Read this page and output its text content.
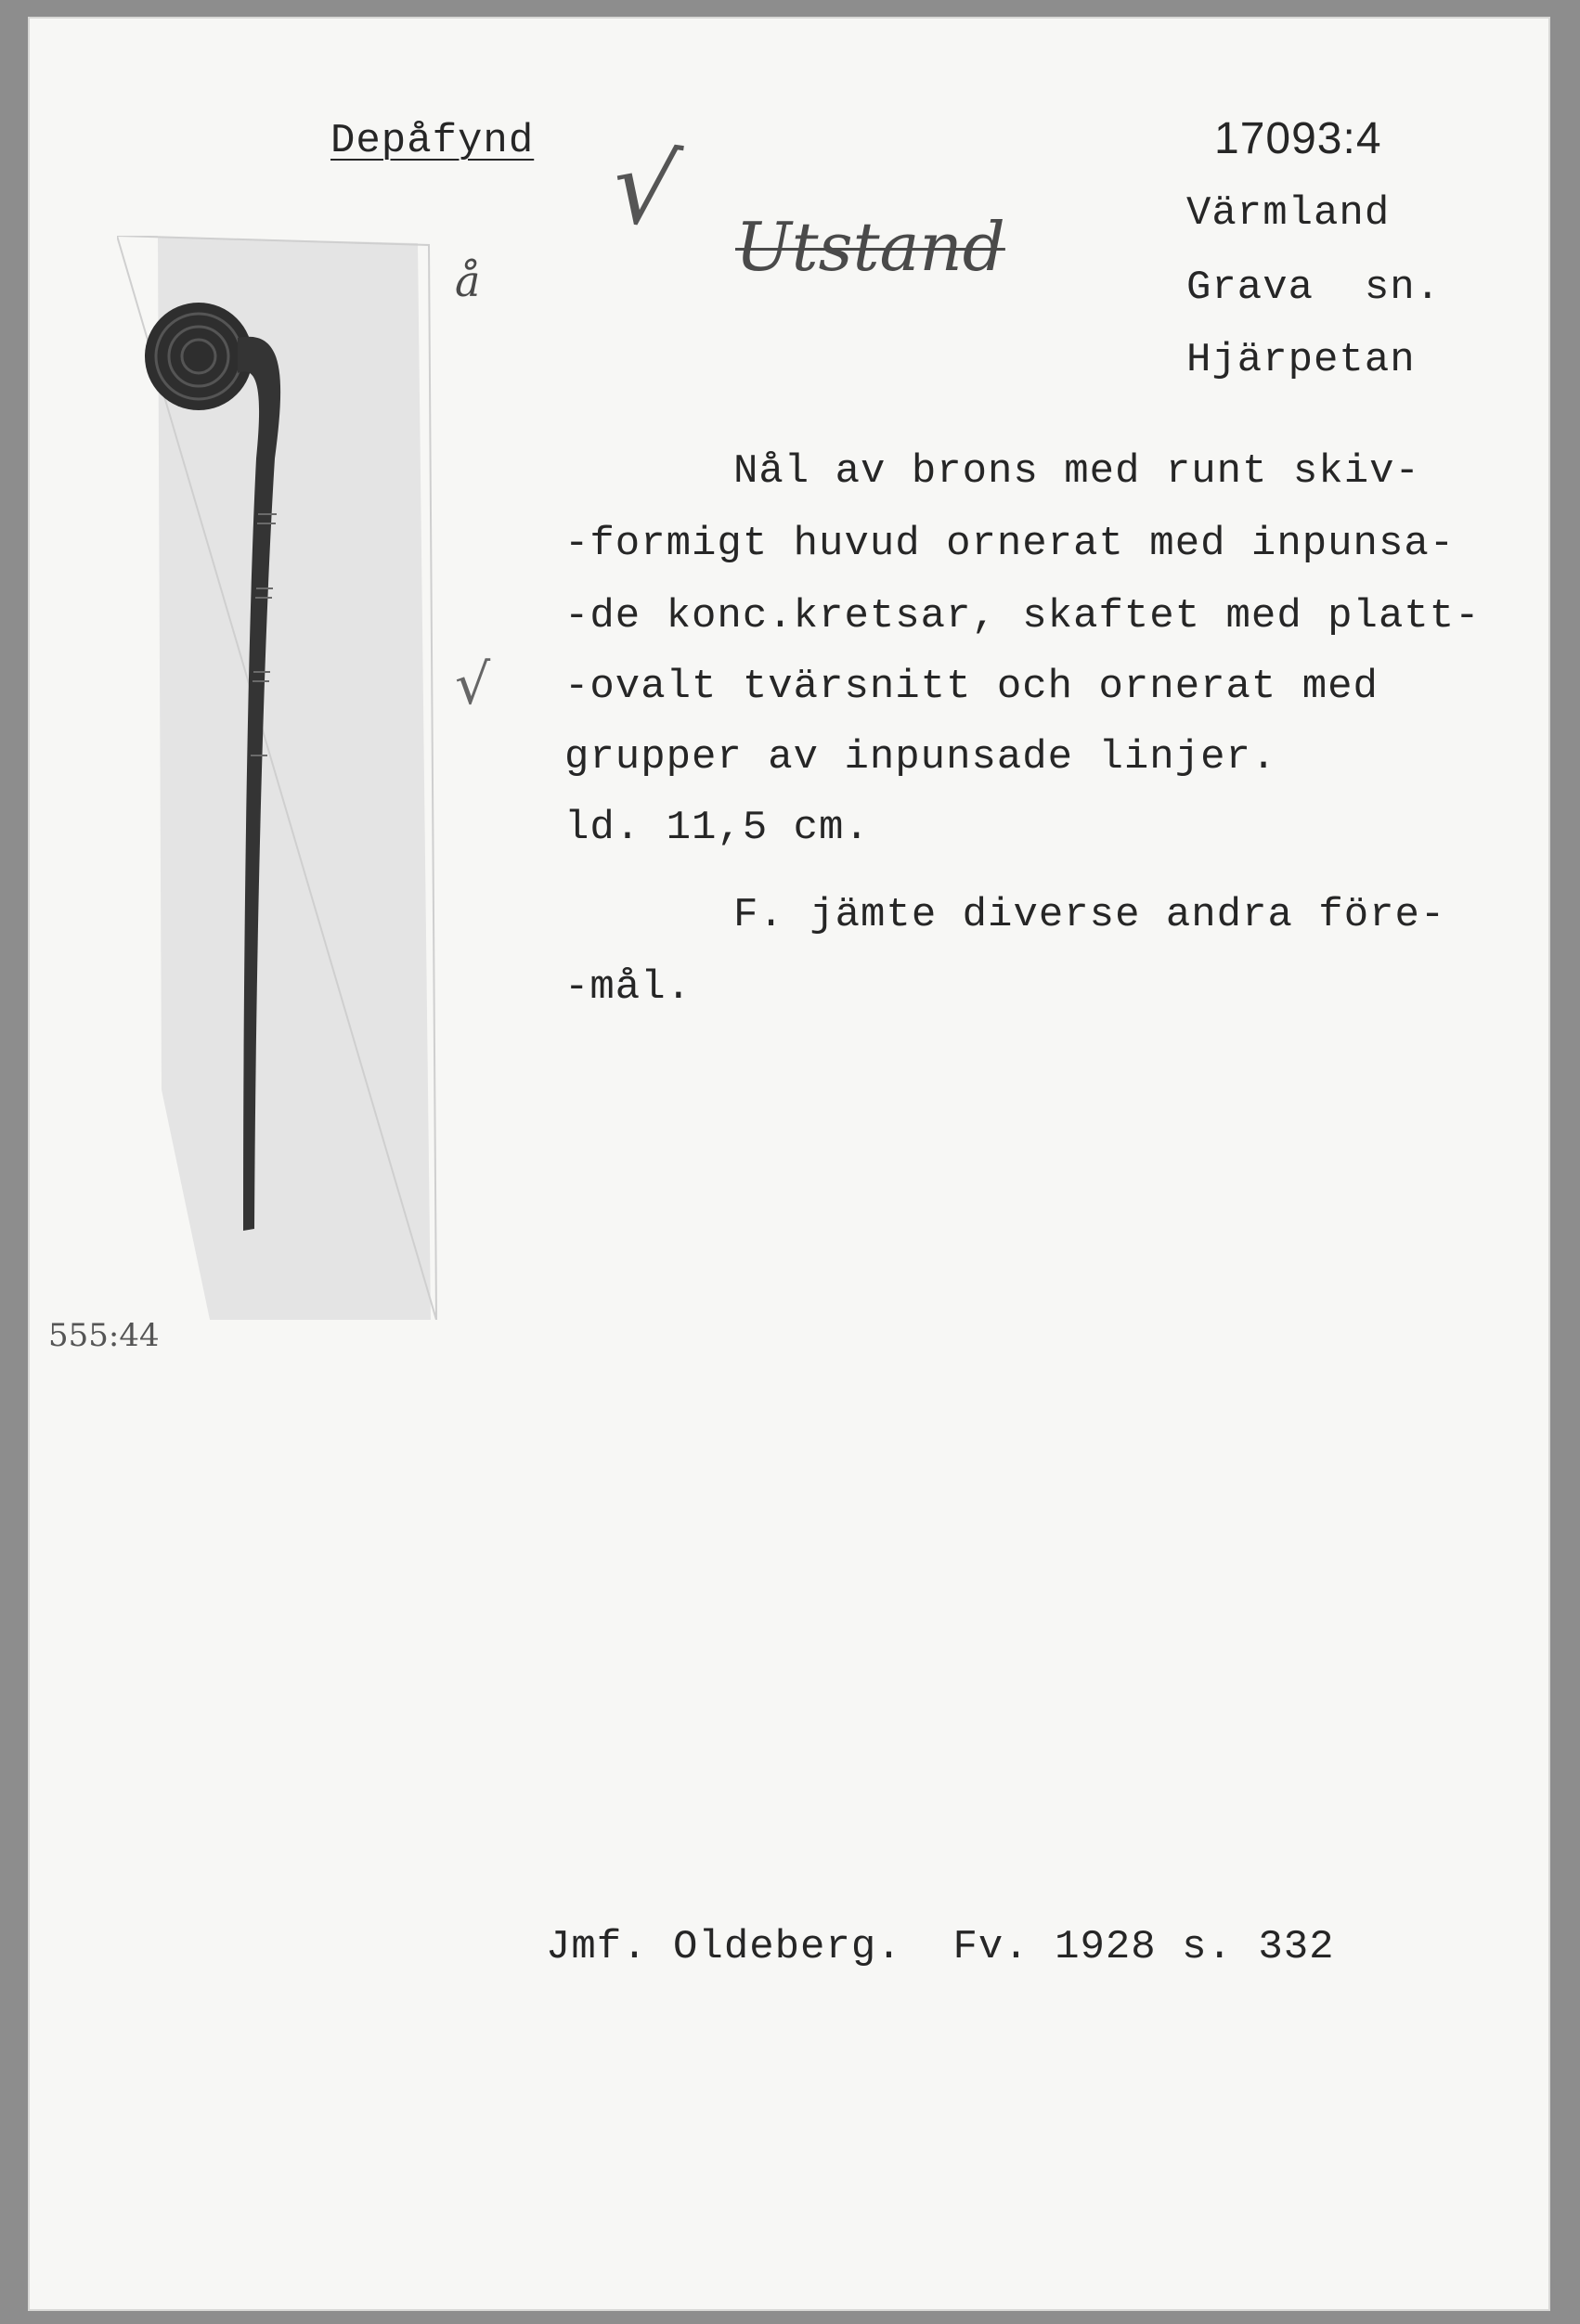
Depåfynd √ Utstand
17093:4
Värmland
Grava  sn.
Hjärpetan
å
√
Nål av brons med runt skiv-
-formigt huvud ornerat med inpunsa-
-de konc.kretsar, skaftet med platt-
-ovalt tvärsnitt och ornerat med
grupper av inpunsade linjer.
ld. 11,5 cm.
F. jämte diverse andra före-
-mål.
555:44
Jmf. Oldeberg.  Fv. 1928 s. 332
